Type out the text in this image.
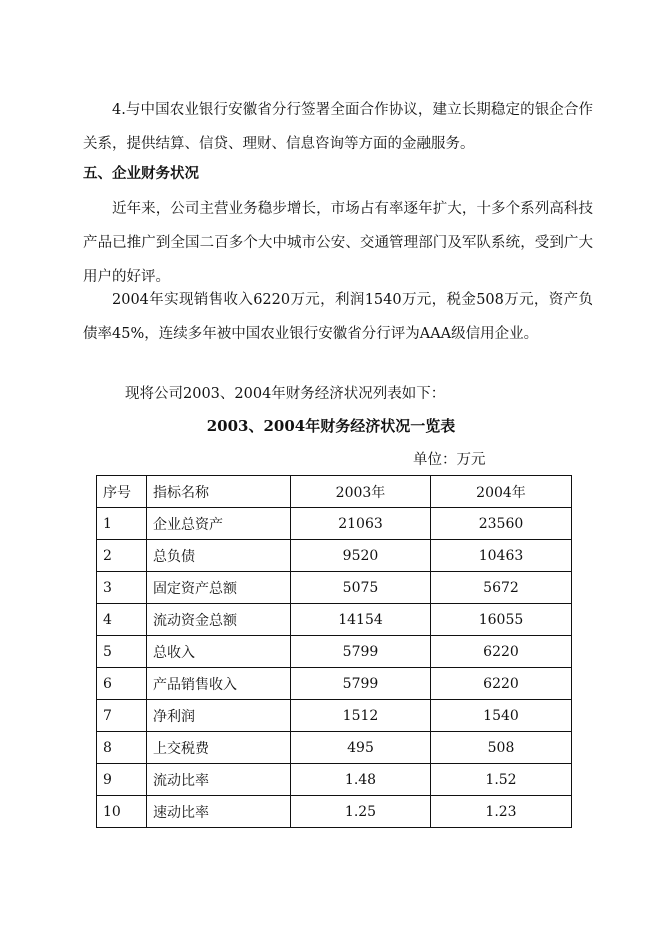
4.与中国农业银行安徽省分行签署全面合作协议，建立长期稳定的银企合作关系，提供结算、信贷、理财、信息咨询等方面的金融服务。

五、企业财务状况

近年来，公司主营业务稳步增长，市场占有率逐年扩大，十多个系列高科技产品已推广到全国二百多个大中城市公安、交通管理部门及军队系统，受到广大用户的好评。

2004年实现销售收入6220万元，利润1540万元，税金508万元，资产负债率45%，连续多年被中国农业银行安徽省分行评为AAA级信用企业。

现将公司2003、2004年财务经济状况列表如下：

2003、2004年财务经济状况一览表

单位：万元

序号	指标名称	2003年	2004年
1	企业总资产	21063	23560
2	总负债	9520	10463
3	固定资产总额	5075	5672
4	流动资金总额	14154	16055
5	总收入	5799	6220
6	产品销售收入	5799	6220
7	净利润	1512	1540
8	上交税费	495	508
9	流动比率	1.48	1.52
10	速动比率	1.25	1.23
